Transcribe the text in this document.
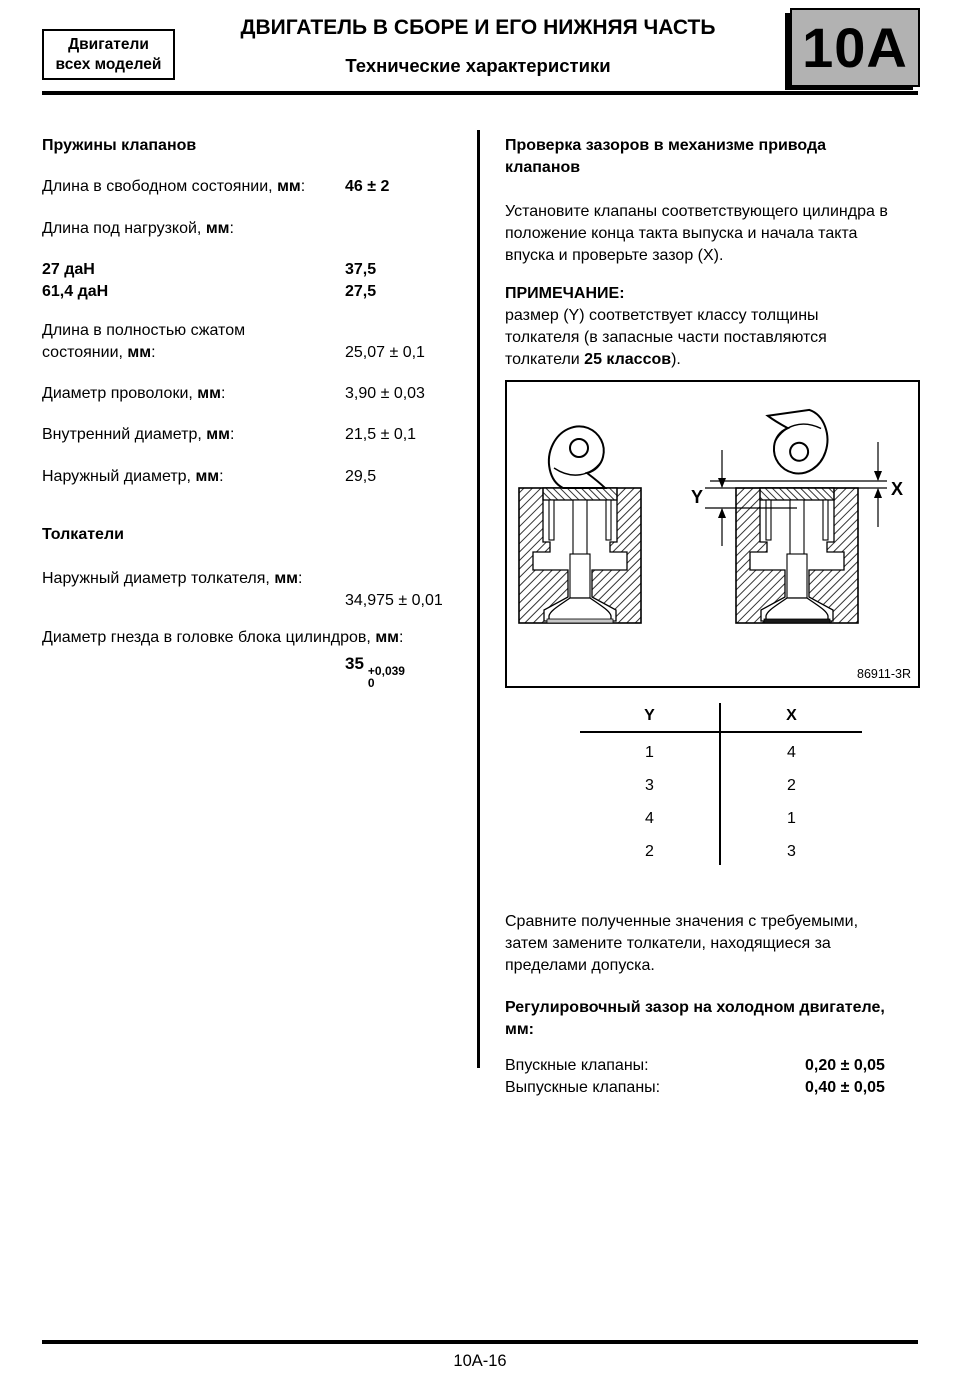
Двигатели
всех моделей
ДВИГАТЕЛЬ В СБОРЕ И ЕГО НИЖНЯЯ ЧАСТЬ
Технические характеристики	10A
Пружины клапанов
Длина в свободном состоянии, мм: 46 ± 2
Длина под нагрузкой, мм:
27 даН	37,5
61,4 даН	27,5
Длина в полностью сжатом
состоянии, мм:	25,07 ± 0,1
Диаметр проволоки, мм:	3,90 ± 0,03
Внутренний диаметр, мм:	21,5 ± 0,1
Наружный диаметр, мм:	29,5
Толкатели
Наружный диаметр толкателя, мм:
34,975 ± 0,01
Диаметр гнезда в головке блока цилиндров, мм:
35 +0,039
0
Проверка зазоров в механизме привода
клапанов
Установите клапаны соответствующего цилиндра в
положение конца такта выпуска и начала такта
впуска и проверьте зазор (X).
ПРИМЕЧАНИЕ:
размер (Y) соответствует классу толщины
толкателя (в запасные части поставляются
толкатели 25 классов).
X
Y
86911-3R
Y	X
1	4
3	2
4	1
2	3
Сравните полученные значения с требуемыми,
затем замените толкатели, находящиеся за
пределами допуска.
Регулировочный зазор на холодном двигателе,
мм:
Впускные клапаны:	0,20 ± 0,05
Выпускные клапаны:	0,40 ± 0,05
10A-16
